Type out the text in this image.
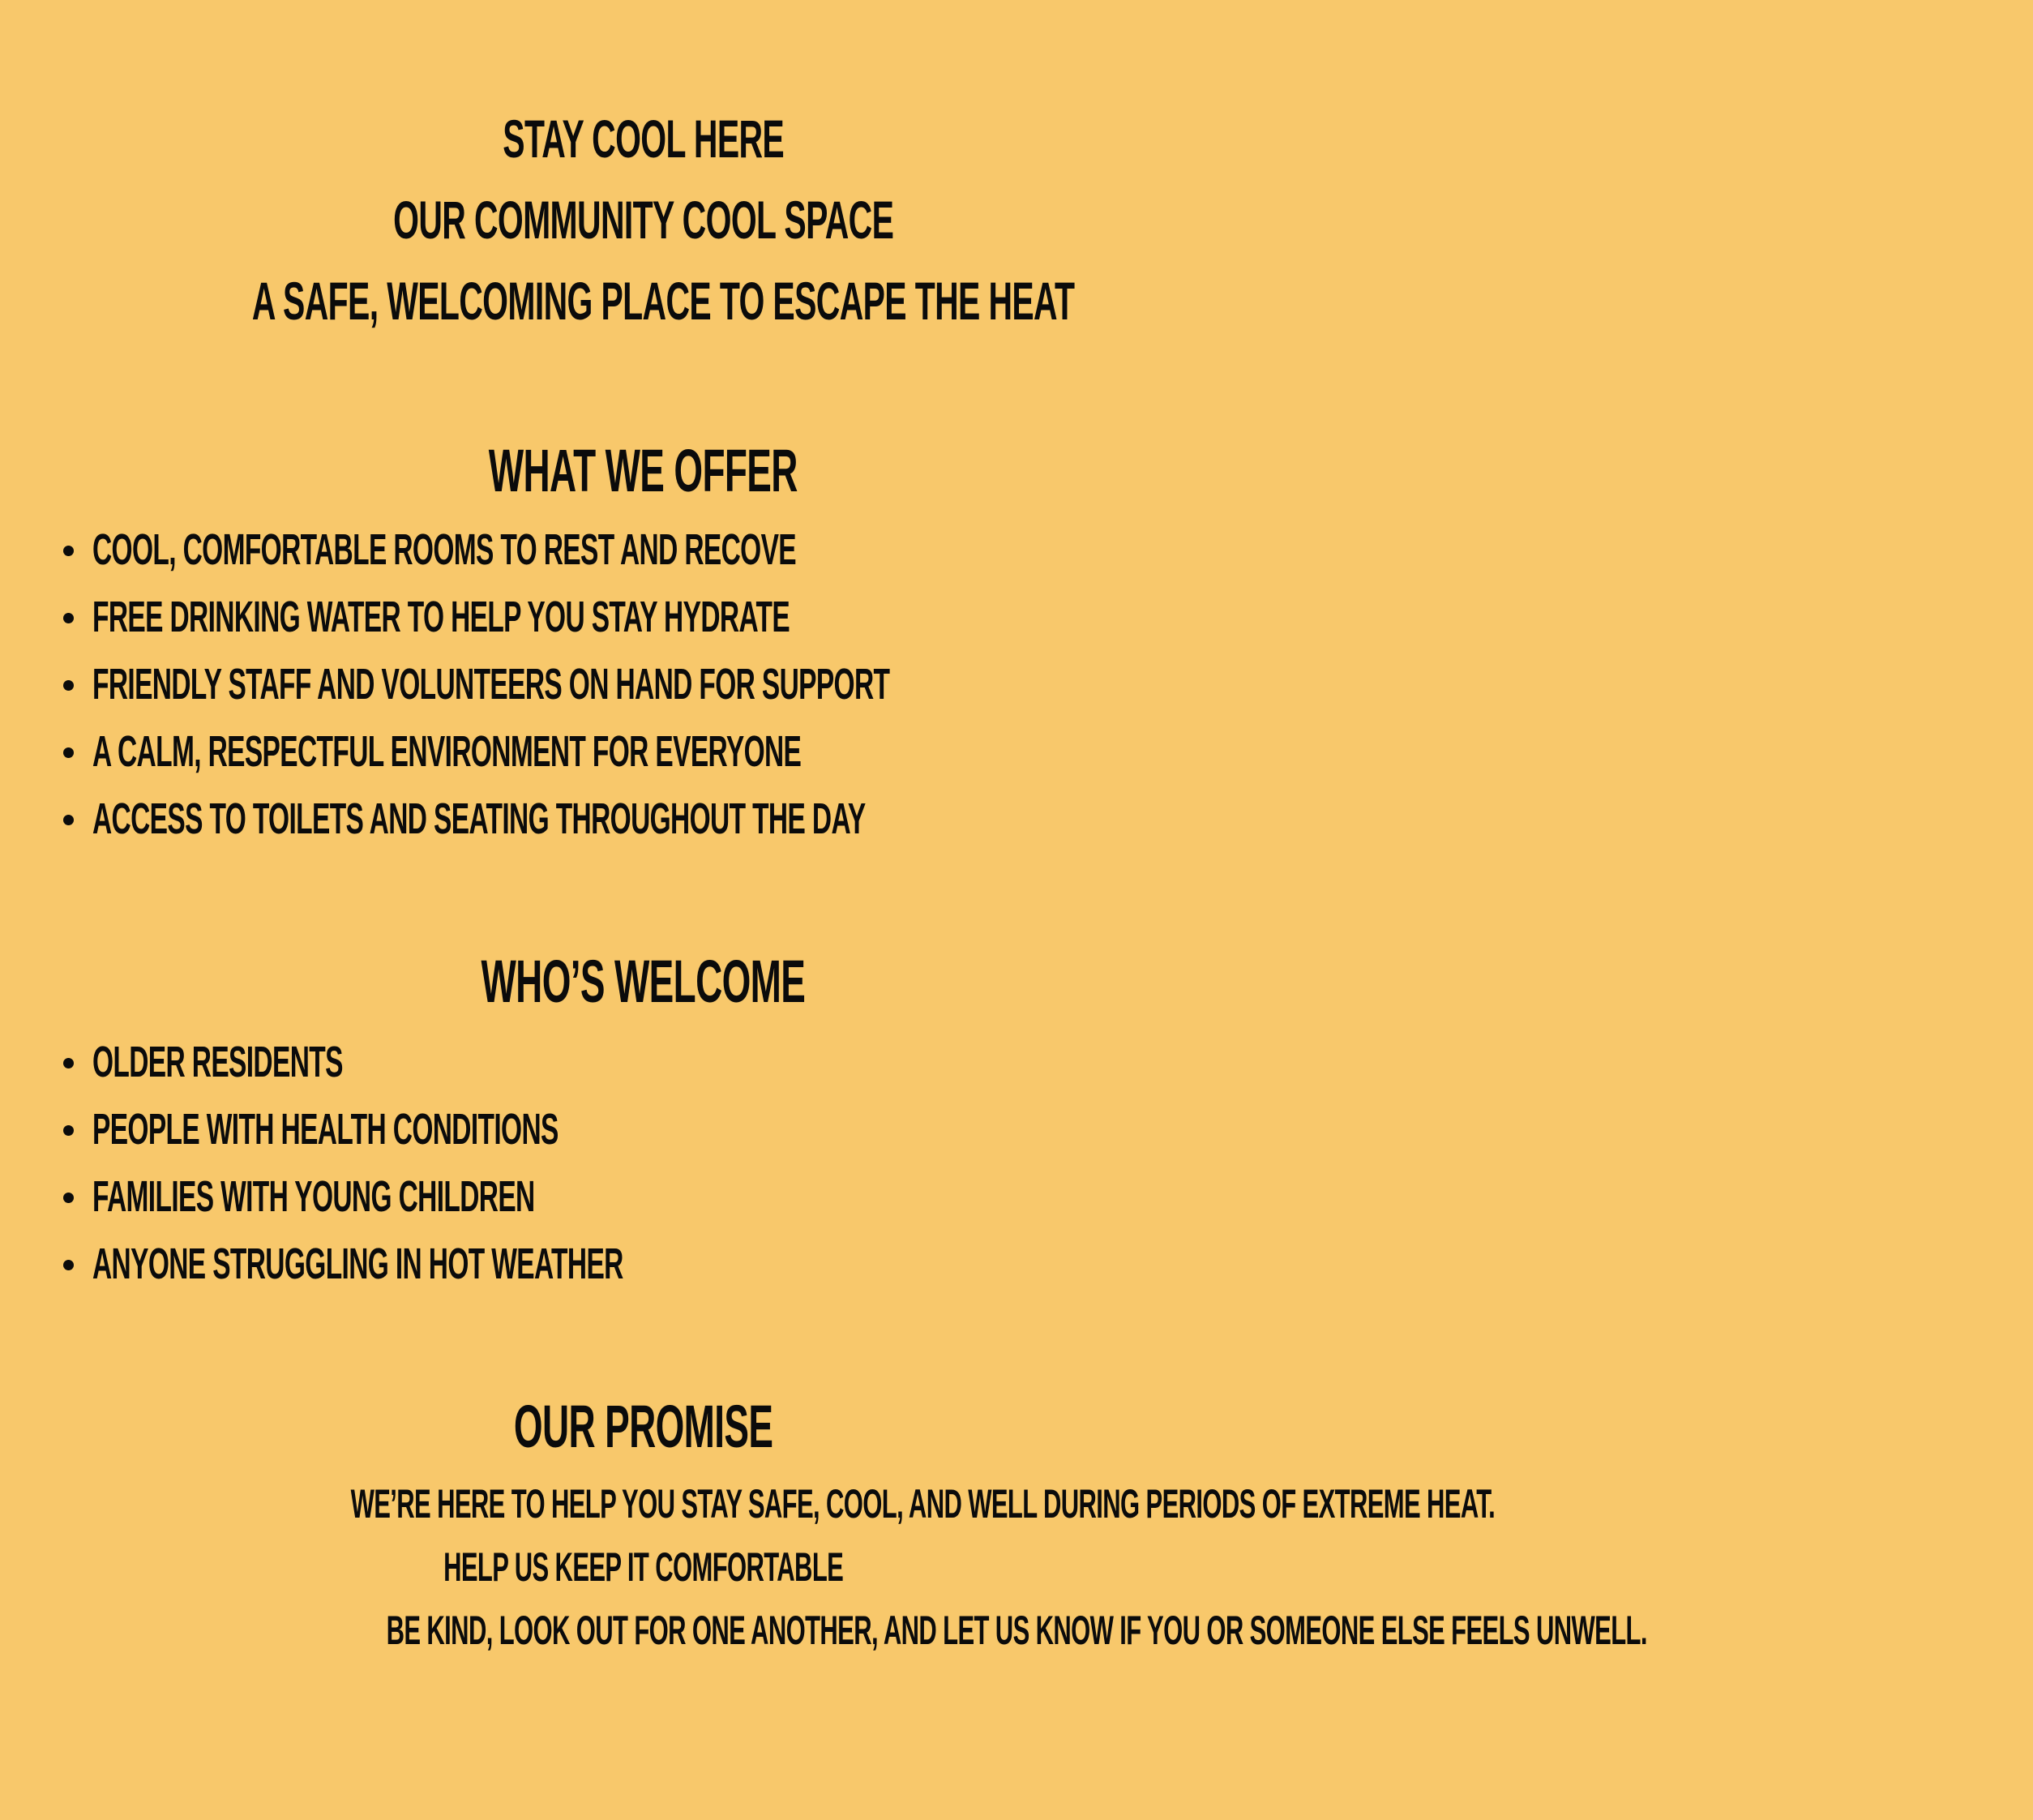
STAY COOL HERE
OUR COMMUNITY COOL SPACE
A SAFE, WELCOMING PLACE TO ESCAPE THE HEAT
WHAT WE OFFER
COOL, COMFORTABLE ROOMS TO REST AND RECOVE
FREE DRINKING WATER TO HELP YOU STAY HYDRATE
FRIENDLY STAFF AND VOLUNTEERS ON HAND FOR SUPPORT
A CALM, RESPECTFUL ENVIRONMENT FOR EVERYONE
ACCESS TO TOILETS AND SEATING THROUGHOUT THE DAY
WHO’S WELCOME
OLDER RESIDENTS
PEOPLE WITH HEALTH CONDITIONS
FAMILIES WITH YOUNG CHILDREN
ANYONE STRUGGLING IN HOT WEATHER
OUR PROMISE
WE’RE HERE TO HELP YOU STAY SAFE, COOL, AND WELL DURING PERIODS OF EXTREME HEAT.
HELP US KEEP IT COMFORTABLE
BE KIND, LOOK OUT FOR ONE ANOTHER, AND LET US KNOW IF YOU OR SOMEONE ELSE FEELS UNWELL.
